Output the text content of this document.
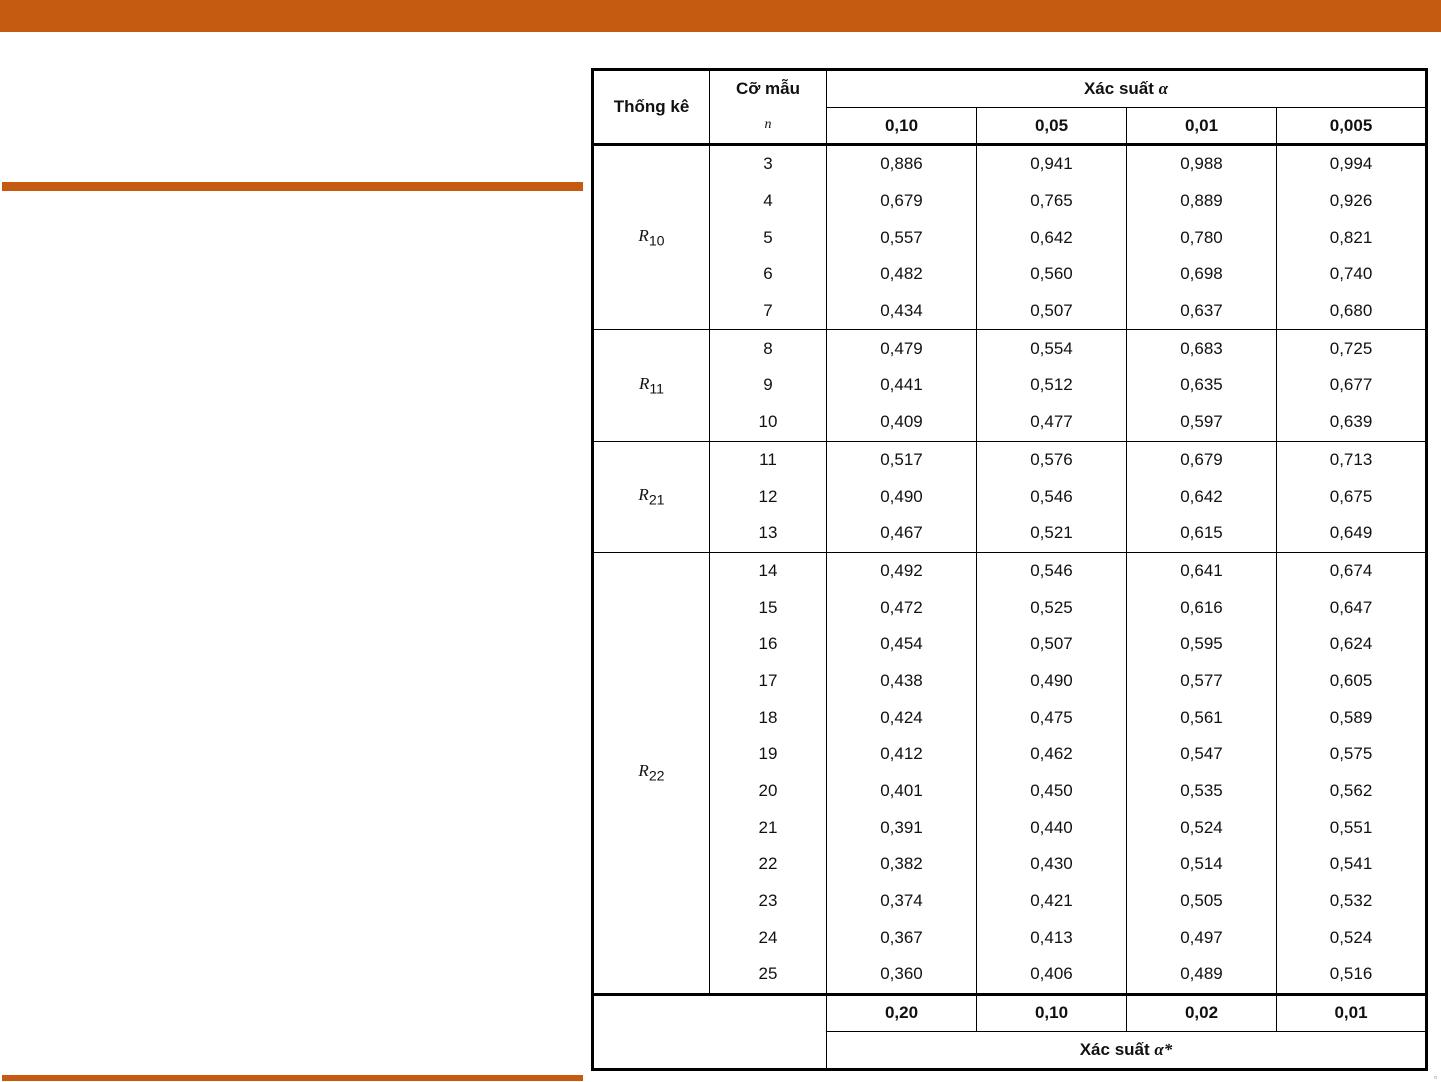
▫
Thống kê	Cỡ mẫu	Xác suất α			
	n	0,10	0,05	0,01	0,005
$R_{10}$	3	0,886	0,941	0,988	0,994
	4	0,679	0,765	0,889	0,926
	5	0,557	0,642	0,780	0,821
	6	0,482	0,560	0,698	0,740
	7	0,434	0,507	0,637	0,680
$R_{11}$	8	0,479	0,554	0,683	0,725
	9	0,441	0,512	0,635	0,677
	10	0,409	0,477	0,597	0,639
$R_{21}$	11	0,517	0,576	0,679	0,713
	12	0,490	0,546	0,642	0,675
	13	0,467	0,521	0,615	0,649
$R_{22}$	14	0,492	0,546	0,641	0,674
	15	0,472	0,525	0,616	0,647
	16	0,454	0,507	0,595	0,624
	17	0,438	0,490	0,577	0,605
	18	0,424	0,475	0,561	0,589
	19	0,412	0,462	0,547	0,575
	20	0,401	0,450	0,535	0,562
	21	0,391	0,440	0,524	0,551
	22	0,382	0,430	0,514	0,541
	23	0,374	0,421	0,505	0,532
	24	0,367	0,413	0,497	0,524
	25	0,360	0,406	0,489	0,516
		0,20	0,10	0,02	0,01
		Xác suất α*			
